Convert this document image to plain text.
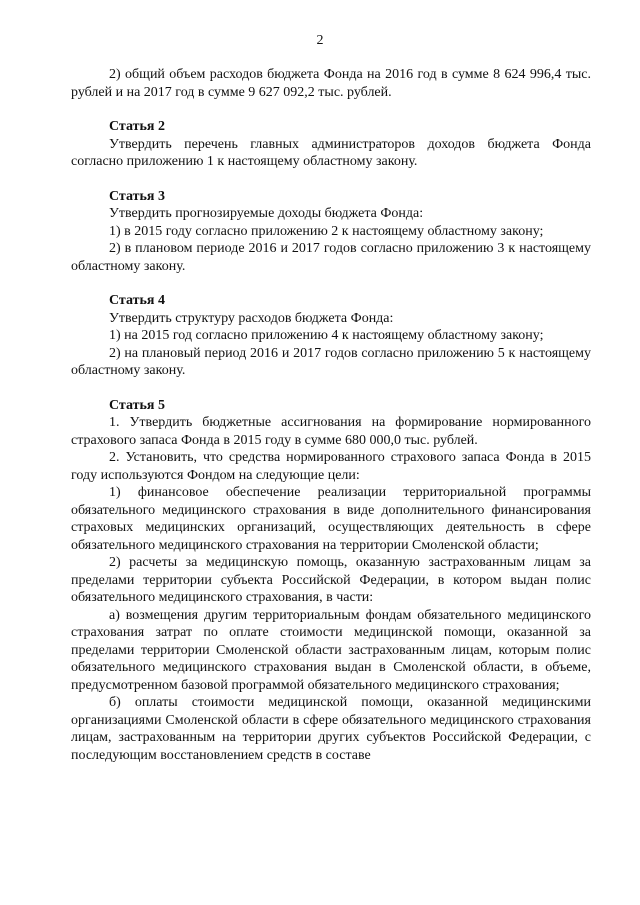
2

2) общий объем расходов бюджета Фонда на 2016 год в сумме 8 624 996,4 тыс. рублей и на 2017 год в сумме 9 627 092,2 тыс. рублей.

Статья 2

Утвердить перечень главных администраторов доходов бюджета Фонда согласно приложению 1 к настоящему областному закону.

Статья 3

Утвердить прогнозируемые доходы бюджета Фонда:

1) в 2015 году согласно приложению 2 к настоящему областному закону;

2) в плановом периоде 2016 и 2017 годов согласно приложению 3 к настоящему областному закону.

Статья 4

Утвердить структуру расходов бюджета Фонда:

1) на 2015 год согласно приложению 4 к настоящему областному закону;

2) на плановый период 2016 и 2017 годов согласно приложению 5 к настоящему областному закону.

Статья 5

1. Утвердить бюджетные ассигнования на формирование нормированного страхового запаса Фонда в 2015 году в сумме 680 000,0 тыс. рублей.

2. Установить, что средства нормированного страхового запаса Фонда в 2015 году используются Фондом на следующие цели:

1) финансовое обеспечение реализации территориальной программы обязательного медицинского страхования в виде дополнительного финансирования страховых медицинских организаций, осуществляющих деятельность в сфере обязательного медицинского страхования на территории Смоленской области;

2) расчеты за медицинскую помощь, оказанную застрахованным лицам за пределами территории субъекта Российской Федерации, в котором выдан полис обязательного медицинского страхования, в части:

а) возмещения другим территориальным фондам обязательного медицинского страхования затрат по оплате стоимости медицинской помощи, оказанной за пределами территории Смоленской области застрахованным лицам, которым полис обязательного медицинского страхования выдан в Смоленской области, в объеме, предусмотренном базовой программой обязательного медицинского страхования;

б) оплаты стоимости медицинской помощи, оказанной медицинскими организациями Смоленской области в сфере обязательного медицинского страхования лицам, застрахованным на территории других субъектов Российской Федерации, с последующим восстановлением средств в составе
